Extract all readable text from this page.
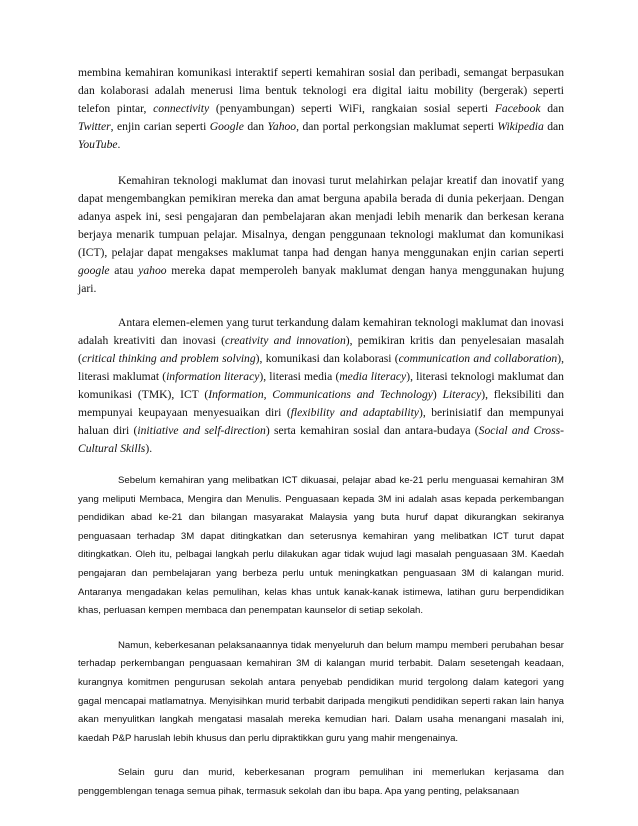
membina kemahiran komunikasi interaktif seperti kemahiran sosial dan peribadi, semangat berpasukan dan kolaborasi adalah menerusi lima bentuk teknologi era digital iaitu mobility (bergerak) seperti telefon pintar, connectivity (penyambungan) seperti WiFi, rangkaian sosial seperti Facebook dan Twitter, enjin carian seperti Google dan Yahoo, dan portal perkongsian maklumat seperti Wikipedia dan YouTube.

Kemahiran teknologi maklumat dan inovasi turut melahirkan pelajar kreatif dan inovatif yang dapat mengembangkan pemikiran mereka dan amat berguna apabila berada di dunia pekerjaan. Dengan adanya aspek ini, sesi pengajaran dan pembelajaran akan menjadi lebih menarik dan berkesan kerana berjaya menarik tumpuan pelajar. Misalnya, dengan penggunaan teknologi maklumat dan komunikasi (ICT), pelajar dapat mengakses maklumat tanpa had dengan hanya menggunakan enjin carian seperti google atau yahoo mereka dapat memperoleh banyak maklumat dengan hanya menggunakan hujung jari.

Antara elemen-elemen yang turut terkandung dalam kemahiran teknologi maklumat dan inovasi adalah kreativiti dan inovasi (creativity and innovation), pemikiran kritis dan penyelesaian masalah (critical thinking and problem solving), komunikasi dan kolaborasi (communication and collaboration), literasi maklumat (information literacy), literasi media (media literacy), literasi teknologi maklumat dan komunikasi (TMK), ICT (Information, Communications and Technology) Literacy), fleksibiliti dan mempunyai keupayaan menyesuaikan diri (flexibility and adaptability), berinisiatif dan mempunyai haluan diri (initiative and self-direction) serta kemahiran sosial dan antara-budaya (Social and Cross-Cultural Skills).

Sebelum kemahiran yang melibatkan ICT dikuasai, pelajar abad ke-21 perlu menguasai kemahiran 3M yang meliputi Membaca, Mengira dan Menulis. Penguasaan kepada 3M ini adalah asas kepada perkembangan pendidikan abad ke-21 dan bilangan masyarakat Malaysia yang buta huruf dapat dikurangkan sekiranya penguasaan terhadap 3M dapat ditingkatkan dan seterusnya kemahiran yang melibatkan ICT turut dapat ditingkatkan. Oleh itu, pelbagai langkah perlu dilakukan agar tidak wujud lagi masalah penguasaan 3M. Kaedah pengajaran dan pembelajaran yang berbeza perlu untuk meningkatkan penguasaan 3M di kalangan murid. Antaranya mengadakan kelas pemulihan, kelas khas untuk kanak-kanak istimewa, latihan guru berpendidikan khas, perluasan kempen membaca dan penempatan kaunselor di setiap sekolah.

Namun, keberkesanan pelaksanaannya tidak menyeluruh dan belum mampu memberi perubahan besar terhadap perkembangan penguasaan kemahiran 3M di kalangan murid terbabit. Dalam sesetengah keadaan, kurangnya komitmen pengurusan sekolah antara penyebab pendidikan murid tergolong dalam kategori yang gagal mencapai matlamatnya. Menyisihkan murid terbabit daripada mengikuti pendidikan seperti rakan lain hanya akan menyulitkan langkah mengatasi masalah mereka kemudian hari. Dalam usaha menangani masalah ini, kaedah P&P haruslah lebih khusus dan perlu dipraktikkan guru yang mahir mengenainya.

Selain guru dan murid, keberkesanan program pemulihan ini memerlukan kerjasama dan penggemblengan tenaga semua pihak, termasuk sekolah dan ibu bapa. Apa yang penting, pelaksanaan
